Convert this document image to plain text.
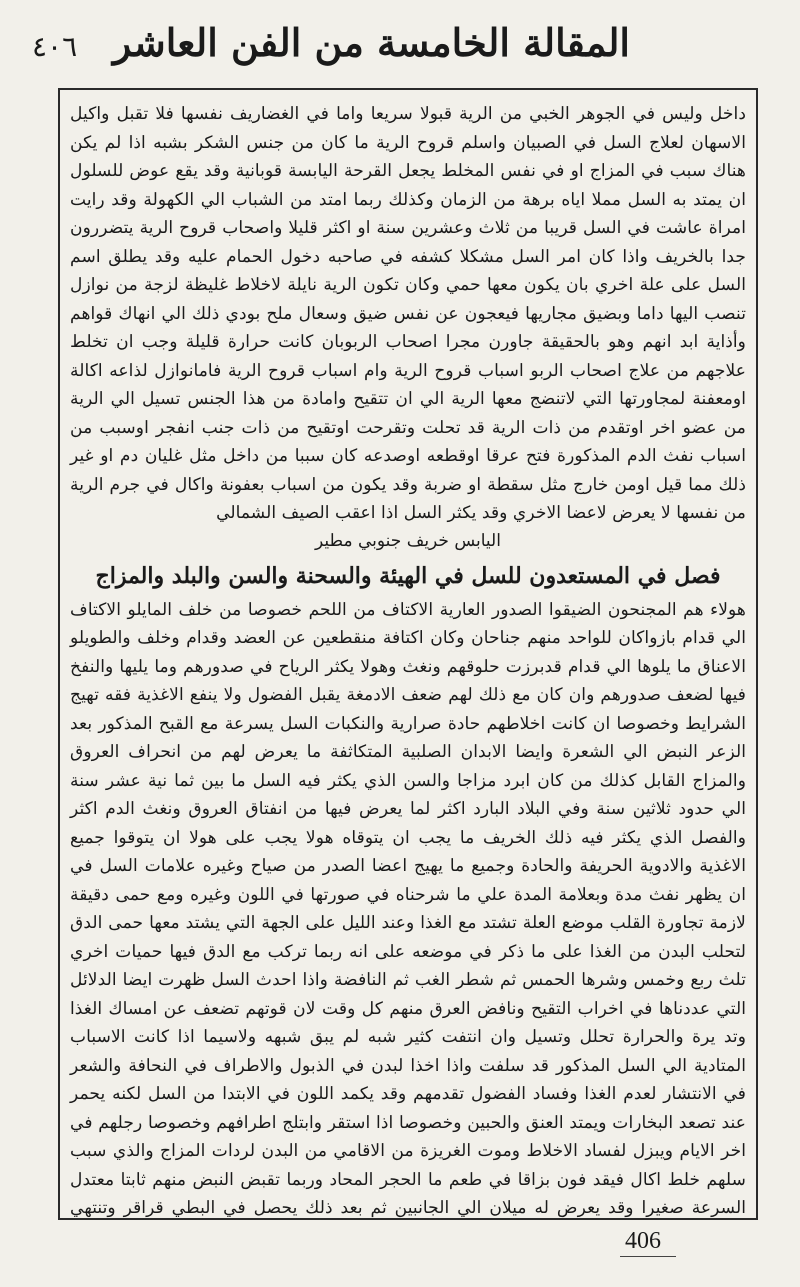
المقالة الخامسة من الفن العاشر
٤٠٦

داخل وليس في الجوهر الخبي من الرية قبولا سريعا واما في الغضاريف نفسها فلا تقبل واكيل الاسهان لعلاج السل في الصبيان واسلم قروح الرية ما كان من جنس الشكر بشبه اذا لم يكن هناك سبب في المزاج او في نفس المخلط يجعل القرحة اليابسة قوبانية وقد يقع عوض للسلول ان يمتد به السل مملا اياه برهة من الزمان وكذلك ربما امتد من الشباب الي الكهولة وقد رايت امراة عاشت في السل قريبا من ثلاث وعشرين سنة او اكثر قليلا واصحاب قروح الرية يتضررون جدا بالخريف واذا كان امر السل مشكلا كشفه في صاحبه دخول الحمام عليه وقد يطلق اسم السل على علة اخري بان يكون معها حمي وكان تكون الرية نايلة لاخلاط غليظة لزجة من نوازل تنصب اليها داما وبضيق مجاريها فيعجون عن نفس ضيق وسعال ملح بودي ذلك الي انهاك قواهم وأذاية ابد انهم وهو بالحقيقة جاورن مجرا اصحاب الربوبان كانت حرارة قليلة وجب ان تخلط علاجهم من علاج اصحاب الربو اسباب قروح الرية وام اسباب قروح الرية فامانوازل لذاعه اكالة اومعفنة لمجاورتها التي لاتنضج معها الرية الي ان تتقيح وامادة من هذا الجنس تسيل الي الرية من عضو اخر اوتقدم من ذات الرية قد تحلت وتقرحت اوتقيح من ذات جنب انفجر اوسبب من اسباب نفث الدم المذكورة فتح عرقا اوقطعه اوصدعه كان سببا من داخل مثل غليان دم او غير ذلك مما قيل اومن خارج مثل سقطة او ضربة وقد يكون من اسباب بعفونة واكال في جرم الرية من نفسها لا يعرض لاعضا الاخري وقد يكثر السل اذا اعقب الصيف الشمالي

اليابس خريف جنوبي مطير

فصل في المستعدون للسل في الهيئة والسحنة والسن والبلد والمزاج

هولاء هم المجنحون الضيقوا الصدور العارية الاكتاف من اللحم خصوصا من خلف المايلو الاكتاف الي قدام بازواكان للواحد منهم جناحان وكان اكتافة منقطعين عن العضد وقدام وخلف والطويلو الاعناق ما يلوها الي قدام قدبرزت حلوقهم ونغث وهولا يكثر الرياح في صدورهم وما يليها والنفخ فيها لضعف صدورهم وان كان مع ذلك لهم ضعف الادمغة يقبل الفضول ولا ينفع الاغذية فقه تهيج الشرايط وخصوصا ان كانت اخلاطهم حادة صرارية والنكبات السل يسرعة مع القبح المذكور بعد الزعر النبض الي الشعرة وايضا الابدان الصلبية المتكاثفة ما يعرض لهم من انحراف العروق والمزاج القابل كذلك من كان ابرد مزاجا والسن الذي يكثر فيه السل ما بين ثما نية عشر سنة الي حدود ثلاثين سنة وفي البلاد البارد اكثر لما يعرض فيها من انفتاق العروق ونغث الدم اكثر والفصل الذي يكثر فيه ذلك الخريف ما يجب ان يتوقاه هولا يجب على هولا ان يتوقوا جميع الاغذية والادوية الحريفة والحادة وجميع ما يهيج اعضا الصدر من صياح وغيره علامات السل في ان يظهر نفث مدة وبعلامة المدة علي ما شرحناه في صورتها في اللون وغيره ومع حمى دقيقة لازمة تجاورة القلب موضع العلة تشتد مع الغذا وعند الليل على الجهة التي يشتد معها حمى الدق لتحلب البدن من الغذا على ما ذكر في موضعه على انه ربما تركب مع الدق فيها حميات اخري تلث ربع وخمس وشرها الحمس ثم شطر الغب ثم النافضة واذا احدث السل ظهرت ايضا الدلائل التي عددناها في اخراب التقيح ونافض العرق منهم كل وقت لان قوتهم تضعف عن امساك الغذا وتد يرة والحرارة تحلل وتسيل وان انتفت كثير شبه لم يبق شبهه ولاسيما اذا كانت الاسباب المتادية الي السل المذكور قد سلفت واذا اخذا لبدن في الذبول والاطراف في النحافة والشعر في الانتشار لعدم الغذا وفساد الفضول تقدمهم وقد يكمد اللون في الابتدا من السل لكنه يحمر عند تصعد البخارات ويمتد العنق والحبين وخصوصا اذا استقر وابتلج اطرافهم وخصوصا رجلهم في اخر الايام ويبزل لفساد الاخلاط وموت الغريزة من الاقامي من البدن لردات المزاج والذي سبب سلهم خلط اكال فيقد فون بزاقا في طعم ما الحجر المحاد وربما تقبض النبض منهم ثابتا معتدل السرعة صغيرا وقد يعرض له ميلان الي الجانبين ثم بعد ذلك يحصل في البطي قراقر وتنتهي

406
